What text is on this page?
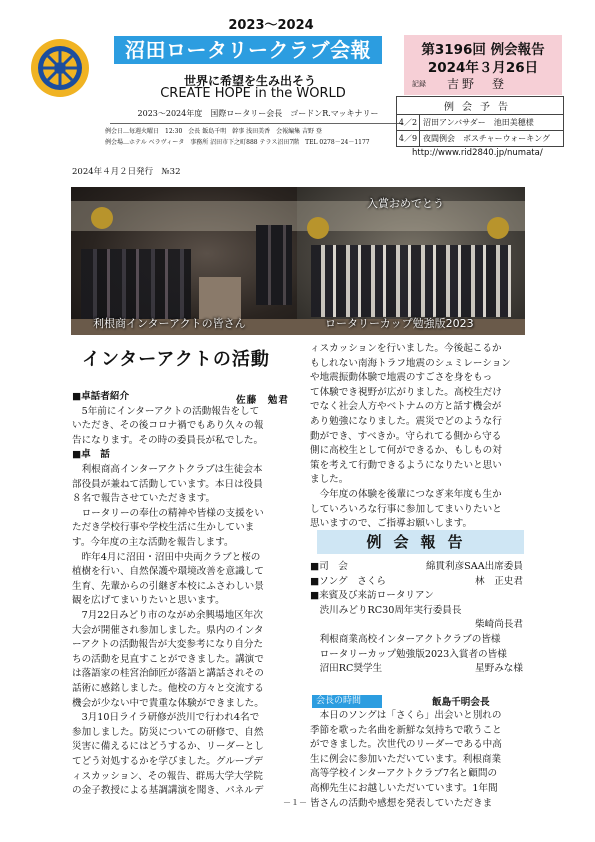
2023～2024
沼田ロータリークラブ会報
世界に希望を生み出そう
CREATE HOPE in the WORLD
2023～2024年度　国際ロータリー会長　ゴードンR.マッキナリー
例会日…毎週火曜日　12:30　会長 飯島千明　幹事 浅田美香　会報編集 吉野 登
例会場…ホテル ベラヴィータ　事務所 沼田市下之町888 テラス沼田7階　TEL 0278－24－1177
第3196回 例会報告
2024年３月26日
記録 吉野　登
例会予告
4／2 沼田アンバサダー　池田美穂様
4／9 夜間例会　ボスチャーウォーキング
http://www.rid2840.jp/numata/
2024年４月２日発行　№32
利根商インターアクトの皆さん
入賞おめでとう
ロータリーカップ勉強版2023
インターアクトの活動
■卓話者紹介	佐藤　勉君
　5年前にインターアクトの活動報告をして
いただき、その後コロナ禍でもあり久々の報
告になります。その時の委員長が私でした。
■卓　話
　利根商高インターアクトクラブは生徒会本
部役員が兼ねて活動しています。本日は役員
８名で報告させていただきます。
　ロータリーの奉仕の精神や皆様の支援をい
ただき学校行事や学校生活に生かしていま
す。今年度の主な活動を報告します。
　昨年4月に沼田・沼田中央両クラブと桜の
植樹を行い、自然保護や環境改善を意識して
生育、先輩からの引継ぎ本校にふさわしい景
観を広げてまいりたいと思います。
　7月22日みどり市のながめ余興場地区年次
大会が開催され参加しました。県内のインタ
ーアクトの活動報告が大変参考になり自分た
ちの活動を見直すことができました。講演で
は落語家の桂宮治師匠が落語と講話されその
話術に感銘しました。他校の方々と交流する
機会が少ない中で貴重な体験ができました。
　3月10日ライラ研修が渋川で行われ4名で
参加しました。防災についての研修で、自然
災害に備えるにはどうするか、リーダーとし
てどう対処するかを学びました。グループデ
ィスカッション、その報告、群馬大学大学院
の金子教授による基調講演を聞き、パネルデ
ィスカッションを行いました。今後起こるか
もしれない南海トラフ地震のシュミレーション
や地震振動体験で地震のすごさを身をもっ
て体験でき視野が広がりました。高校生だけ
でなく社会人方やベトナムの方と話す機会が
あり勉強になりました。震災でどのような行
動ができ、すべきか。守られてる側から守る
側に高校生として何ができるか、もしもの対
策を考えて行動できるようになりたいと思い
ました。
　今年度の体験を後輩につなぎ来年度も生か
していろいろな行事に参加してまいりたいと
思いますので、ご指導お願いします。
例会報告
■司　会	綿貫利彦SAA出席委員
■ソング　さくら	林　正史君
■来賓及び来訪ロータリアン
　渋川みどりRC30周年実行委員長
柴崎尚長君
　利根商業高校インターアクトクラブの皆様
　ロータリーカップ勉強版2023入賞者の皆様
　沼田RC奨学生	星野みな様
会長の時間	飯島千明会長
　本日のソングは「さくら」出会いと別れの
季節を歌った名曲を新鮮な気持ちで歌うこと
ができました。次世代のリーダーである中高
生に例会に参加いただいています。利根商業
高等学校インターアクトクラブ7名と顧問の
高柳先生にお越しいただいています。1年間
皆さんの活動や感想を発表していただきま
－１－
